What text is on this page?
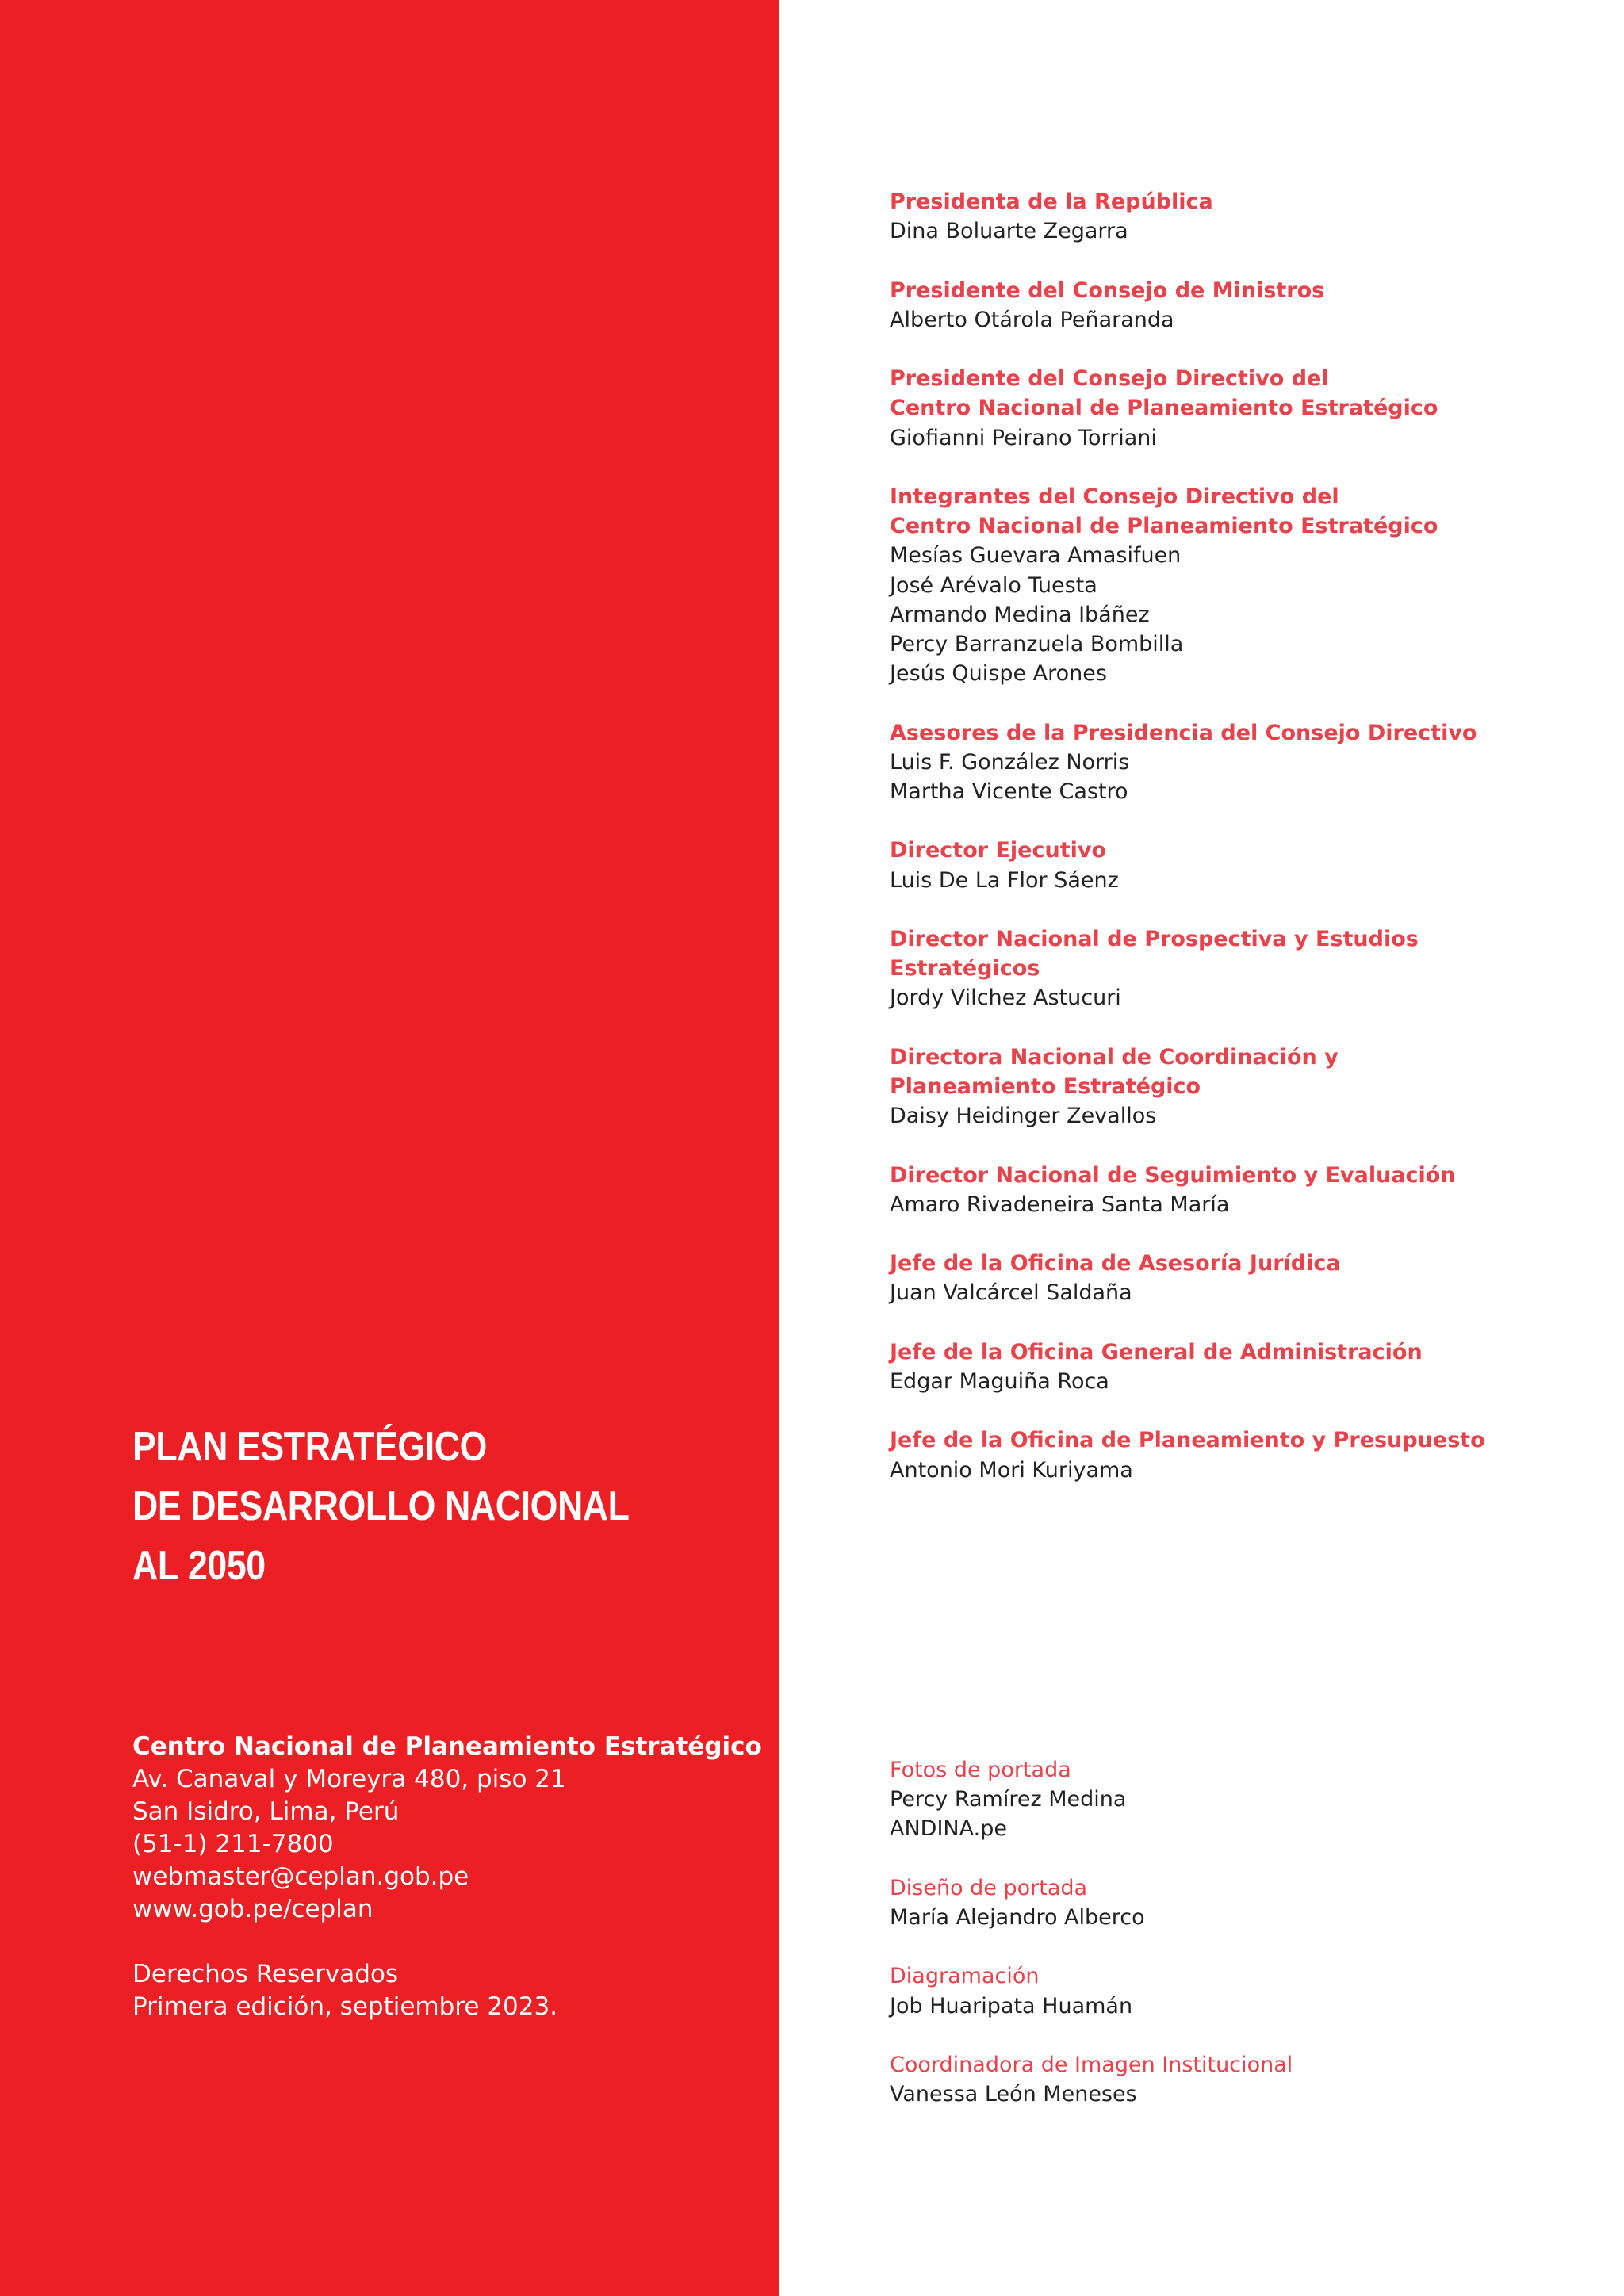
PLAN ESTRATÉGICO
DE DESARROLLO NACIONAL
AL 2050
Centro Nacional de Planeamiento Estratégico
Av. Canaval y Moreyra 480, piso 21
San Isidro, Lima, Perú
(51-1) 211-7800
webmaster@ceplan.gob.pe
www.gob.pe/ceplan
Derechos Reservados
Primera edición, septiembre 2023.
Presidenta de la República
Dina Boluarte Zegarra
Presidente del Consejo de Ministros
Alberto Otárola Peñaranda
Presidente del Consejo Directivo del
Centro Nacional de Planeamiento Estratégico
Giofianni Peirano Torriani
Integrantes del Consejo Directivo del
Centro Nacional de Planeamiento Estratégico
Mesías Guevara Amasifuen
José Arévalo Tuesta
Armando Medina Ibáñez
Percy Barranzuela Bombilla
Jesús Quispe Arones
Asesores de la Presidencia del Consejo Directivo
Luis F. González Norris
Martha Vicente Castro
Director Ejecutivo
Luis De La Flor Sáenz
Director Nacional de Prospectiva y Estudios
Estratégicos
Jordy Vilchez Astucuri
Directora Nacional de Coordinación y
Planeamiento Estratégico
Daisy Heidinger Zevallos
Director Nacional de Seguimiento y Evaluación
Amaro Rivadeneira Santa María
Jefe de la Oficina de Asesoría Jurídica
Juan Valcárcel Saldaña
Jefe de la Oficina General de Administración
Edgar Maguiña Roca
Jefe de la Oficina de Planeamiento y Presupuesto
Antonio Mori Kuriyama
Fotos de portada
Percy Ramírez Medina
ANDINA.pe
Diseño de portada
María Alejandro Alberco
Diagramación
Job Huaripata Huamán
Coordinadora de Imagen Institucional
Vanessa León Meneses
